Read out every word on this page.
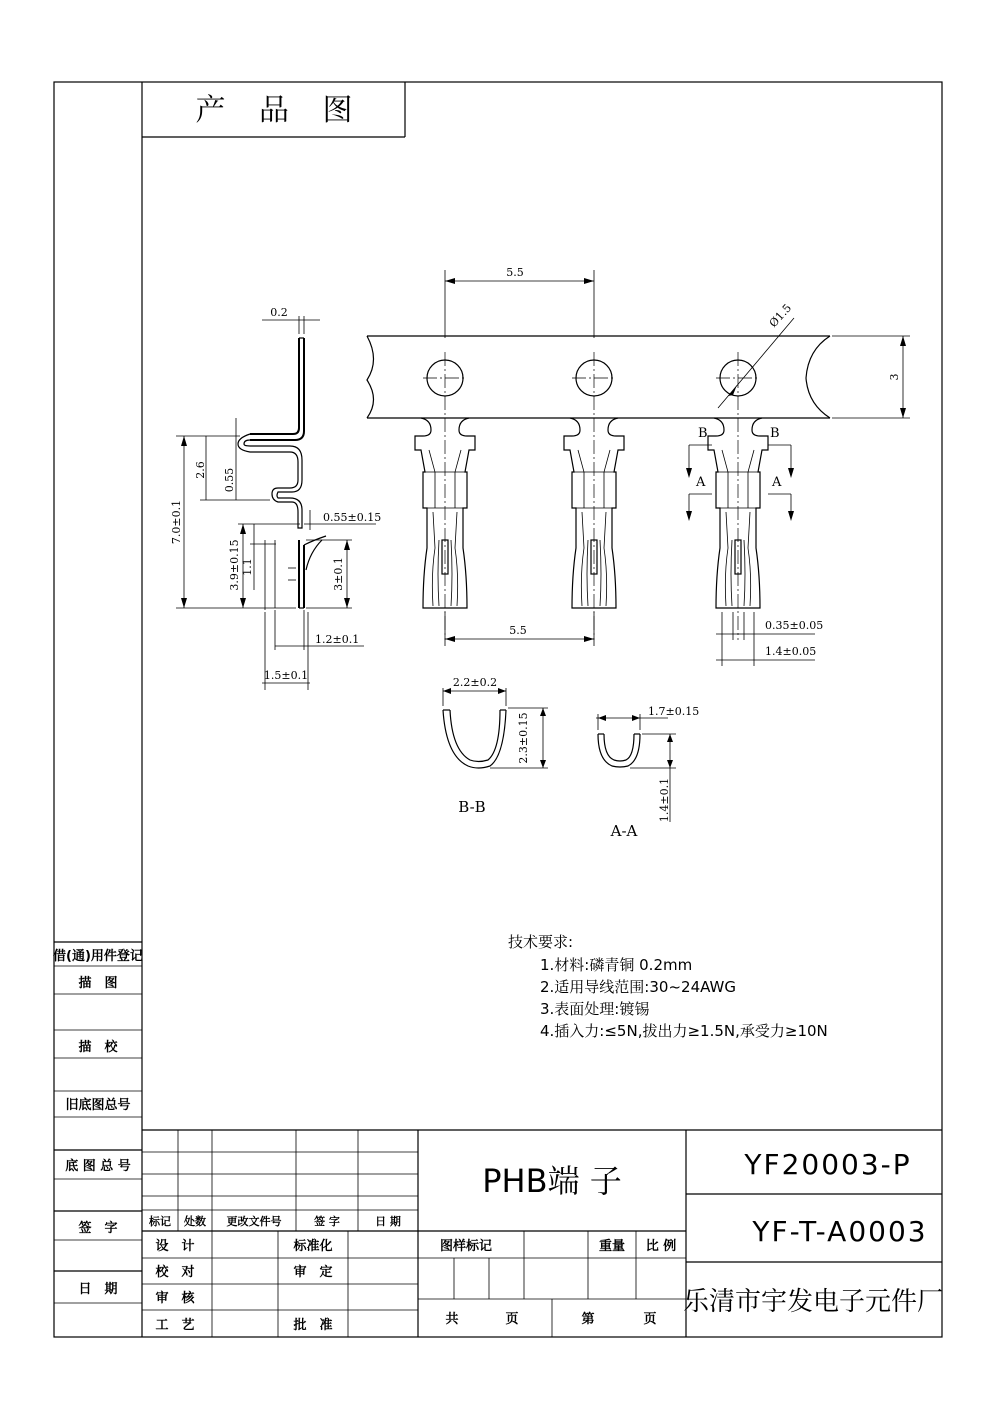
产 品 图
0.2
7.0±0.1
2.6 0.55
3.9±0.15 1.1	3±0.1
0.55±0.15
1.2±0.1
1.5±0.1
5.5
3
Ø1.5
5.5	0.35±0.05
1.4±0.05
B
A
B
A
2.2±0.2
2.3±0.15
B-B
1.7±0.15
1.4±0.1
A-A
技术要求:
1.材料:磷青铜 0.2mm
2.适用导线范围:30~24AWG
3.表面处理:镀锡
4.插入力:≤5N,拔出力≥1.5N,承受力≥10N
借(通)用件登记
描　图
描　校
旧底图总号
底 图 总 号
签　字
日　期
标记 处数 更改文件号	签 字	日 期
设　计
校　对
审　核
工　艺
标准化
审　定
批　准
PHB端 子	YF20003-P
YF-T-A0003
乐清市宇发电子元件厂
图样标记	重量 比 例
共	页	第	页
